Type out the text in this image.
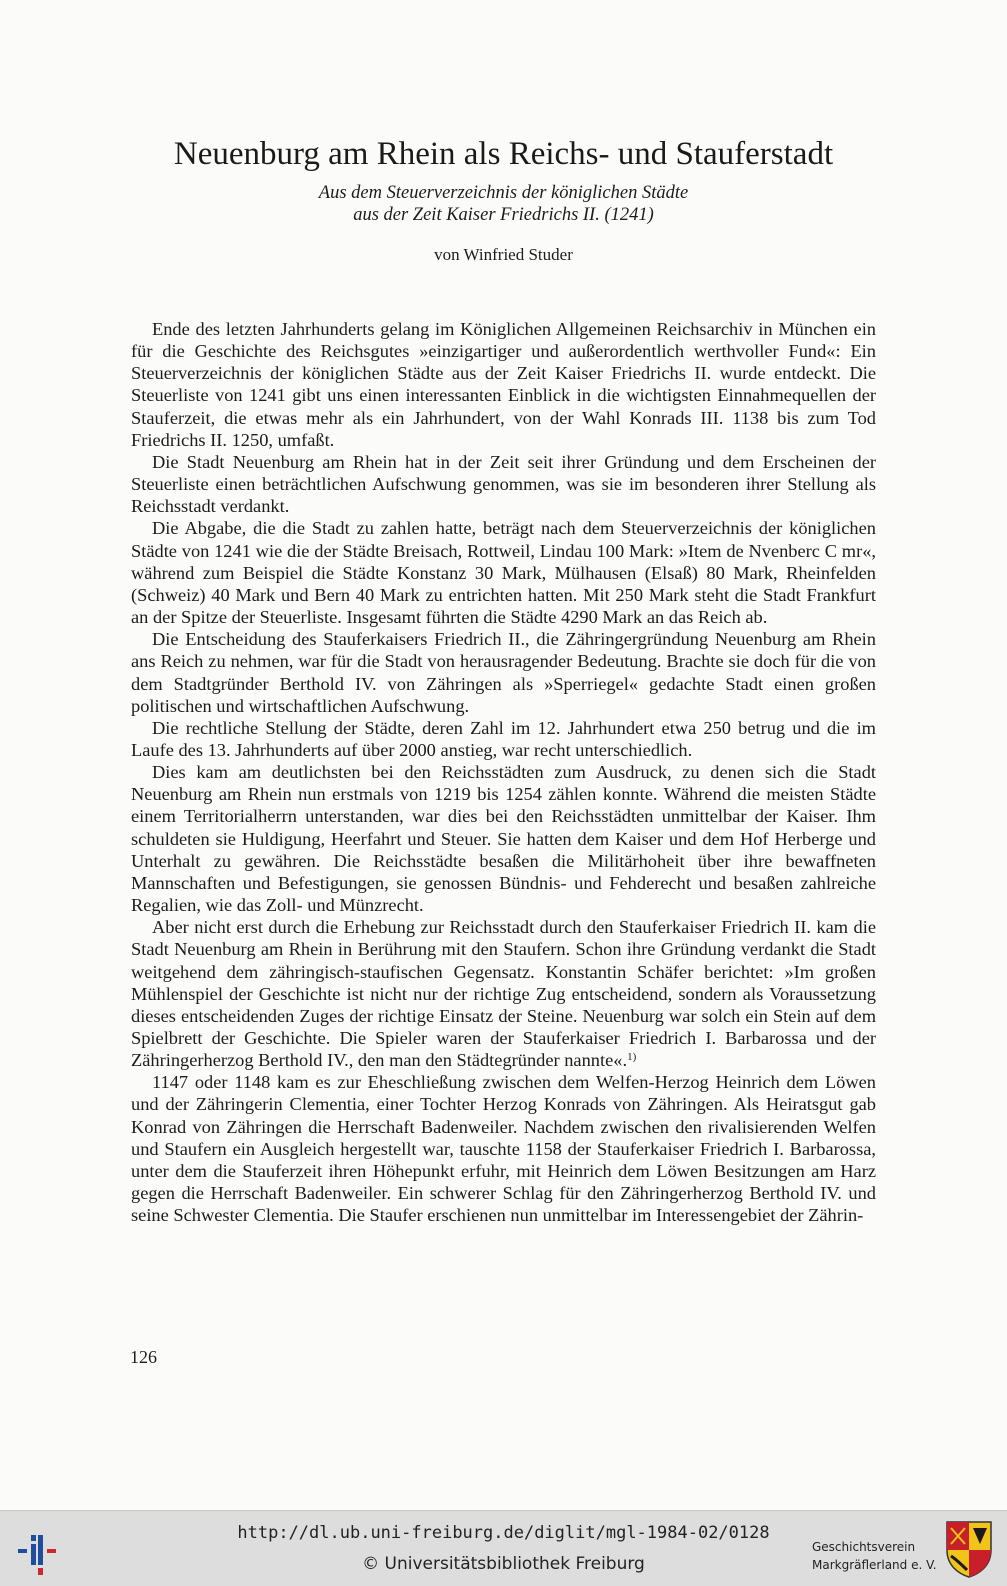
Neuenburg am Rhein als Reichs- und Stauferstadt
Aus dem Steuerverzeichnis der königlichen Städte
aus der Zeit Kaiser Friedrichs II. (1241)
von Winfried Studer

Ende des letzten Jahrhunderts gelang im Königlichen Allgemeinen Reichsarchiv in München ein für die Geschichte des Reichsgutes »einzigartiger und außerordentlich werthvoller Fund«: Ein Steuerverzeichnis der königlichen Städte aus der Zeit Kaiser Friedrichs II. wurde entdeckt. Die Steuerliste von 1241 gibt uns einen interessanten Einblick in die wichtigsten Einnahmequellen der Stauferzeit, die etwas mehr als ein Jahrhundert, von der Wahl Konrads III. 1138 bis zum Tod Friedrichs II. 1250, umfaßt.

Die Stadt Neuenburg am Rhein hat in der Zeit seit ihrer Gründung und dem Erscheinen der Steuerliste einen beträchtlichen Aufschwung genommen, was sie im besonderen ihrer Stellung als Reichsstadt verdankt.

Die Abgabe, die die Stadt zu zahlen hatte, beträgt nach dem Steuerverzeichnis der königlichen Städte von 1241 wie die der Städte Breisach, Rottweil, Lindau 100 Mark: »Item de Nvenberc C mr«, während zum Beispiel die Städte Konstanz 30 Mark, Mülhausen (Elsaß) 80 Mark, Rheinfelden (Schweiz) 40 Mark und Bern 40 Mark zu entrichten hatten. Mit 250 Mark steht die Stadt Frankfurt an der Spitze der Steuerliste. Insgesamt führten die Städte 4290 Mark an das Reich ab.

Die Entscheidung des Stauferkaisers Friedrich II., die Zähringergründung Neuenburg am Rhein ans Reich zu nehmen, war für die Stadt von herausragender Bedeutung. Brachte sie doch für die von dem Stadtgründer Berthold IV. von Zähringen als »Sperriegel« gedachte Stadt einen großen politischen und wirtschaftlichen Aufschwung.

Die rechtliche Stellung der Städte, deren Zahl im 12. Jahrhundert etwa 250 betrug und die im Laufe des 13. Jahrhunderts auf über 2000 anstieg, war recht unterschiedlich.

Dies kam am deutlichsten bei den Reichsstädten zum Ausdruck, zu denen sich die Stadt Neuenburg am Rhein nun erstmals von 1219 bis 1254 zählen konnte. Während die meisten Städte einem Territorialherrn unterstanden, war dies bei den Reichsstädten unmittelbar der Kaiser. Ihm schuldeten sie Huldigung, Heerfahrt und Steuer. Sie hatten dem Kaiser und dem Hof Herberge und Unterhalt zu gewähren. Die Reichsstädte besaßen die Militärhoheit über ihre bewaffneten Mannschaften und Befestigungen, sie genossen Bündnis- und Fehderecht und besaßen zahlreiche Regalien, wie das Zoll- und Münzrecht.

Aber nicht erst durch die Erhebung zur Reichsstadt durch den Stauferkaiser Friedrich II. kam die Stadt Neuenburg am Rhein in Berührung mit den Staufern. Schon ihre Gründung verdankt die Stadt weitgehend dem zähringisch-staufischen Gegensatz. Konstantin Schäfer berichtet: »Im großen Mühlenspiel der Geschichte ist nicht nur der richtige Zug entscheidend, sondern als Voraussetzung dieses entscheidenden Zuges der richtige Einsatz der Steine. Neuenburg war solch ein Stein auf dem Spielbrett der Geschichte. Die Spieler waren der Stauferkaiser Friedrich I. Barbarossa und der Zähringerherzog Berthold IV., den man den Städtegründer nannte«.$^{1)}$

1147 oder 1148 kam es zur Eheschließung zwischen dem Welfen-Herzog Heinrich dem Löwen und der Zähringerin Clementia, einer Tochter Herzog Konrads von Zähringen. Als Heiratsgut gab Konrad von Zähringen die Herrschaft Badenweiler. Nachdem zwischen den rivalisierenden Welfen und Staufern ein Ausgleich hergestellt war, tauschte 1158 der Stauferkaiser Friedrich I. Barbarossa, unter dem die Stauferzeit ihren Höhepunkt erfuhr, mit Heinrich dem Löwen Besitzungen am Harz gegen die Herrschaft Badenweiler. Ein schwerer Schlag für den Zähringerherzog Berthold IV. und seine Schwester Clementia. Die Staufer erschienen nun unmittelbar im Interessengebiet der Zährin-

126
http://dl.ub.uni-freiburg.de/diglit/mgl-1984-02/0128
© Universitätsbibliothek Freiburg
Geschichtsverein
Markgräflerland e. V.
